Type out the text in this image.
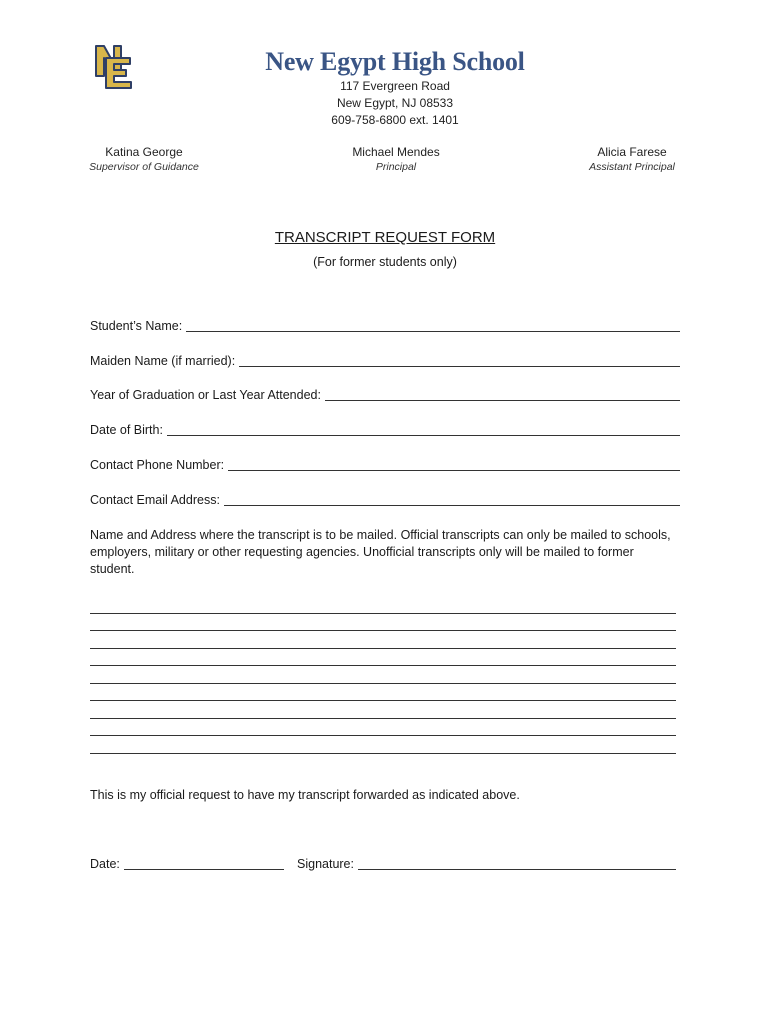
New Egypt High School
117 Evergreen Road
New Egypt, NJ 08533
609-758-6800 ext. 1401
Katina George
Supervisor of Guidance
Michael Mendes
Principal
Alicia Farese
Assistant Principal
TRANSCRIPT REQUEST FORM
(For former students only)
Student’s Name:
Maiden Name (if married):
Year of Graduation or Last Year Attended:
Date of Birth:
Contact Phone Number:
Contact Email Address:
Name and Address where the transcript is to be mailed. Official transcripts can only be mailed to schools, employers, military or other requesting agencies. Unofficial transcripts only will be mailed to former student.
This is my official request to have my transcript forwarded as indicated above.
Date:	Signature:
